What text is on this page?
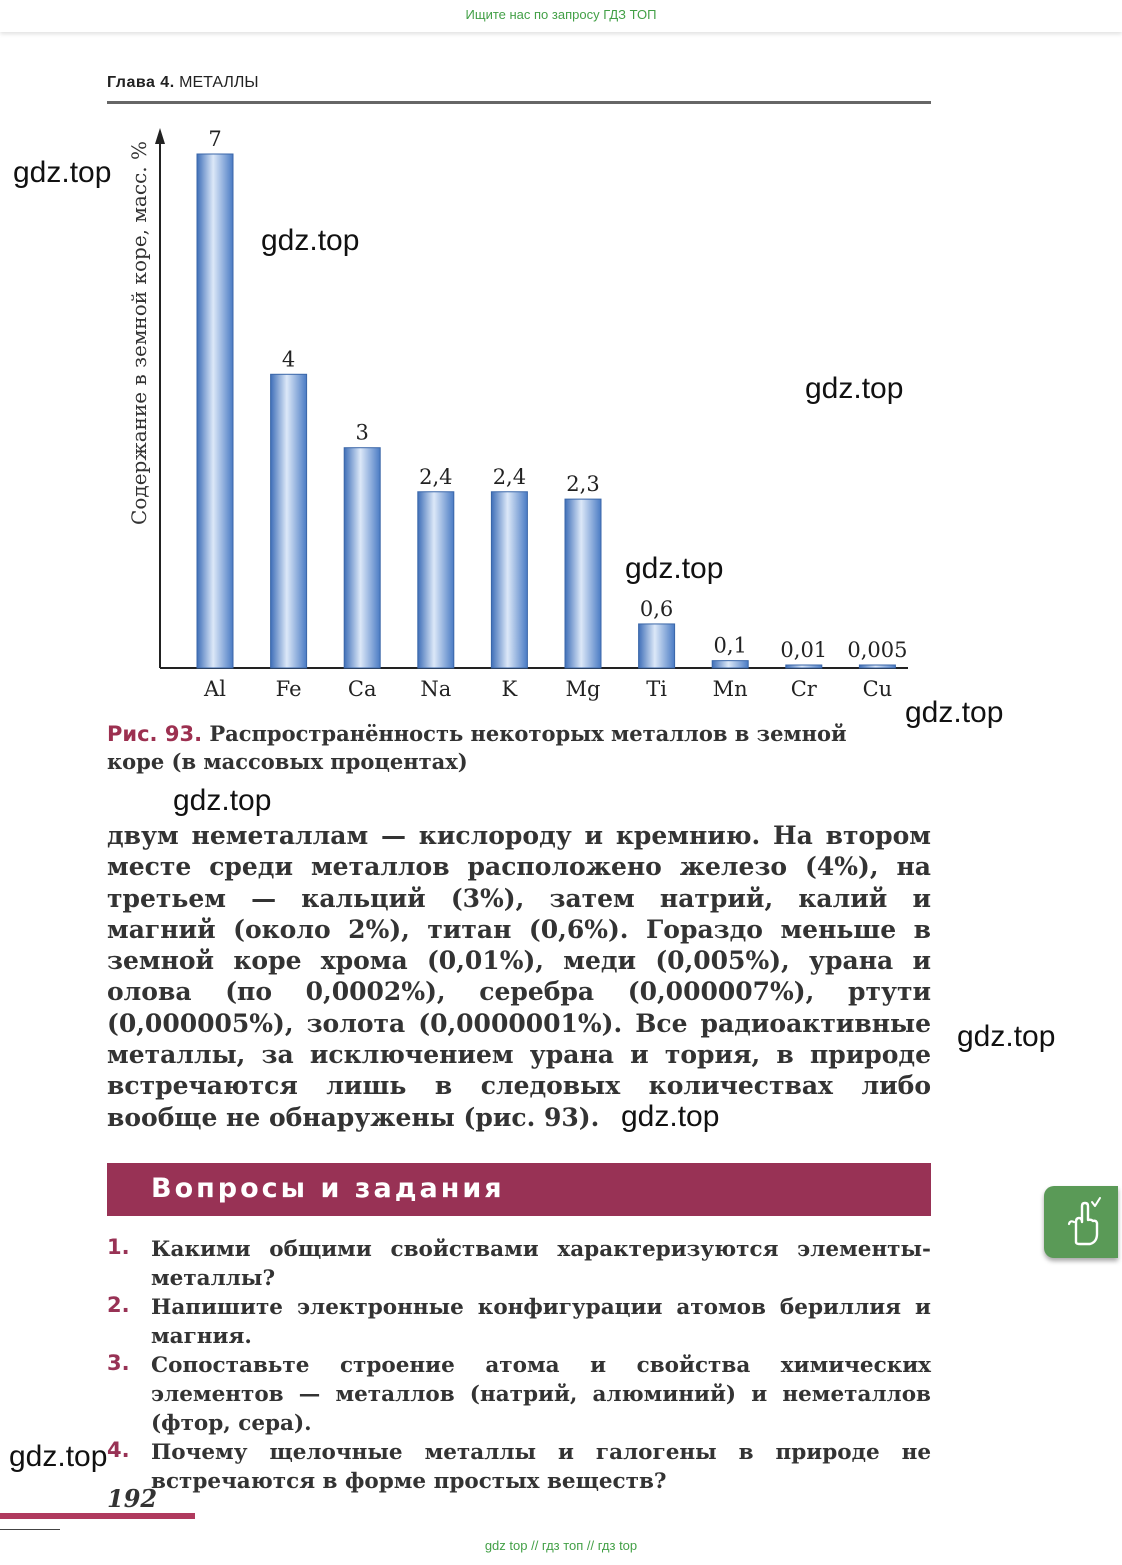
Ищите нас по запросу ГДЗ ТОП
Глава 4. МЕТАЛЛЫ
Содержание в земной коре, масс. %
7
Al
4
Fe
3
Ca
2,4
Na
2,4
K
2,3
Mg
0,6
Ti
0,1
Mn
0,01
Cr
0,005
Cu
Рис. 93. Распространённость некоторых металлов в земной коре (в массовых процентах)
двум неметаллам — кислороду и кремнию. На втором месте среди металлов расположено железо (4%), на третьем — кальций (3%), затем натрий, калий и магний (около 2%), титан (0,6%). Гораздо меньше в земной коре хрома (0,01%), меди (0,005%), урана и олова (по 0,0002%), серебра (0,000007%), ртути (0,000005%), золота (0,0000001%). Все радиоактивные металлы, за исключением урана и тория, в природе встречаются лишь в следовых количествах либо вообще не обнаружены (рис. 93).
Вопросы и задания
1. Какими общими свойствами характеризуются элементы-металлы?
2. Напишите электронные конфигурации атомов бериллия и магния.
3. Сопоставьте строение атома и свойства химических элементов — металлов (натрий, алюминий) и неметаллов (фтор, сера).
4. Почему щелочные металлы и галогены в природе не встречаются в форме простых веществ?
192
gdz top // гдз топ // гдз top
gdz.top
gdz.top
gdz.top
gdz.top
gdz.top
gdz.top
gdz.top
gdz.top
gdz.top
